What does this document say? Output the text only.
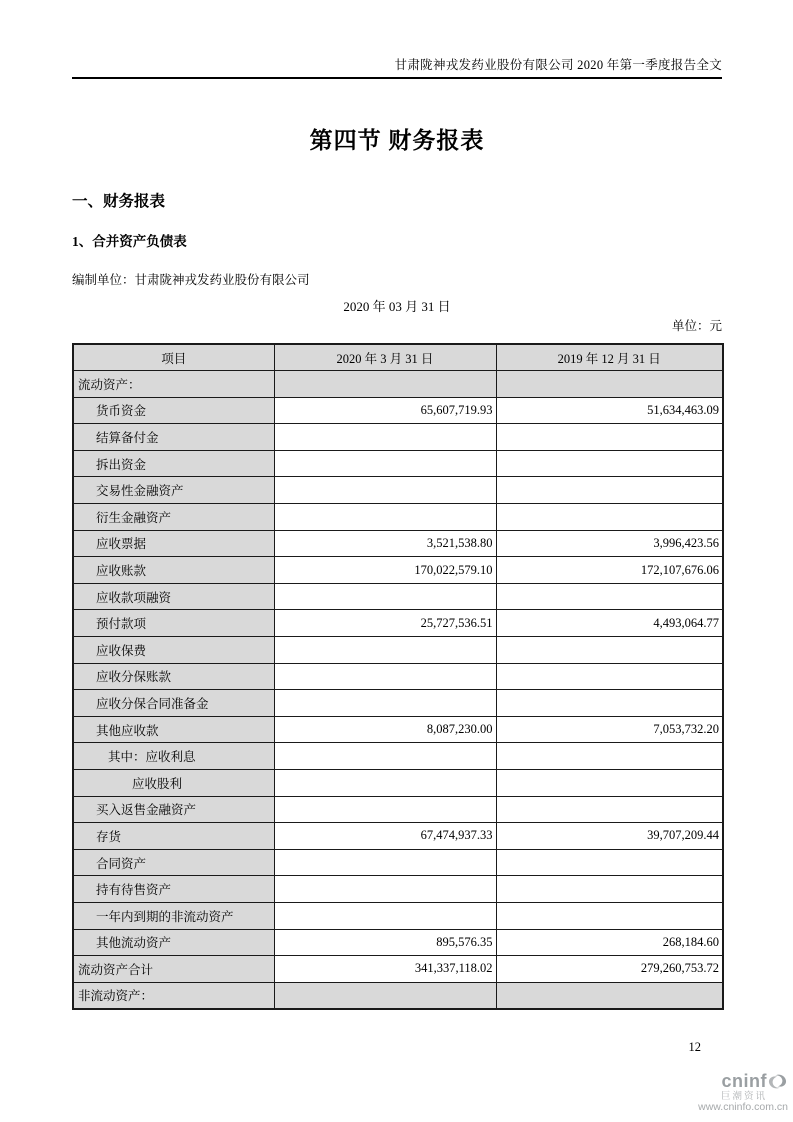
甘肃陇神戎发药业股份有限公司 2020 年第一季度报告全文
第四节 财务报表
一、财务报表
1、合并资产负债表
编制单位：甘肃陇神戎发药业股份有限公司
2020 年 03 月 31 日
单位：元
项目	2020 年 3 月 31 日	2019 年 12 月 31 日
流动资产：		
货币资金	65,607,719.93	51,634,463.09
结算备付金		
拆出资金		
交易性金融资产		
衍生金融资产		
应收票据	3,521,538.80	3,996,423.56
应收账款	170,022,579.10	172,107,676.06
应收款项融资		
预付款项	25,727,536.51	4,493,064.77
应收保费		
应收分保账款		
应收分保合同准备金		
其他应收款	8,087,230.00	7,053,732.20
其中：应收利息		
应收股利		
买入返售金融资产		
存货	67,474,937.33	39,707,209.44
合同资产		
持有待售资产		
一年内到期的非流动资产		
其他流动资产	895,576.35	268,184.60
流动资产合计	341,337,118.02	279,260,753.72
非流动资产：		
12
cninf
巨潮资讯
www.cninfo.com.cn
